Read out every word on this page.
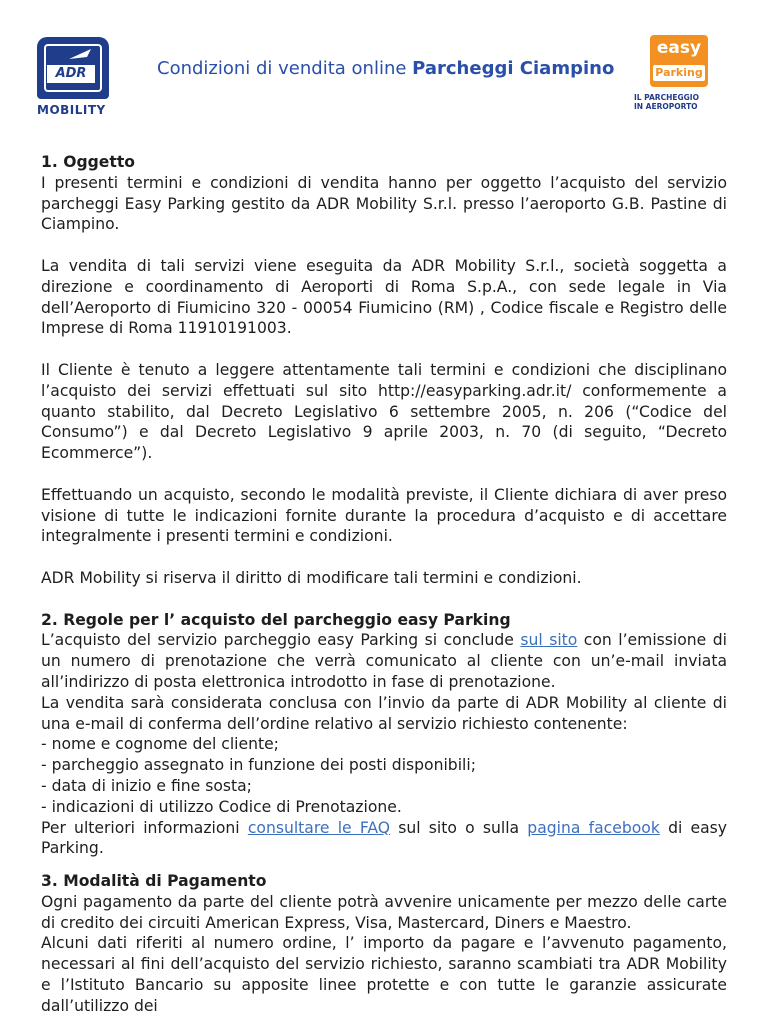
ADR
MOBILITY
Condizioni di vendita online Parcheggi Ciampino
easy
Parking
IL PARCHEGGIO
IN AEROPORTO
1. Oggetto

I presenti termini e condizioni di vendita hanno per oggetto l’acquisto del servizio parcheggi Easy Parking gestito da ADR Mobility S.r.l. presso l’aeroporto G.B. Pastine di Ciampino.

La vendita di tali servizi viene eseguita da ADR Mobility S.r.l., società soggetta a direzione e coordinamento di Aeroporti di Roma S.p.A., con sede legale in Via dell’Aeroporto di Fiumicino 320 - 00054 Fiumicino (RM) , Codice fiscale e Registro delle Imprese di Roma 11910191003.

Il Cliente è tenuto a leggere attentamente tali termini e condizioni che disciplinano l’acquisto dei servizi effettuati sul sito http://easyparking.adr.it/ conformemente a quanto stabilito, dal Decreto Legislativo 6 settembre 2005, n. 206 (“Codice del Consumo”) e dal Decreto Legislativo 9 aprile 2003, n. 70 (di seguito, “Decreto Ecommerce”).

Effettuando un acquisto, secondo le modalità previste, il Cliente dichiara di aver preso visione di tutte le indicazioni fornite durante la procedura d’acquisto e di accettare integralmente i presenti termini e condizioni.

ADR Mobility si riserva il diritto di modificare tali termini e condizioni.

2. Regole per l’ acquisto del parcheggio easy Parking

L’acquisto del servizio parcheggio easy Parking si conclude sul sito con l’emissione di un numero di prenotazione che verrà comunicato al cliente con un’e-mail inviata all’indirizzo di posta elettronica introdotto in fase di prenotazione.

La vendita sarà considerata conclusa con l’invio da parte di ADR Mobility al cliente di una e-mail di conferma dell’ordine relativo al servizio richiesto contenente:

- nome e cognome del cliente;

- parcheggio assegnato in funzione dei posti disponibili;

- data di inizio e fine sosta;

- indicazioni di utilizzo Codice di Prenotazione.

Per ulteriori informazioni consultare le FAQ sul sito o sulla pagina facebook di easy Parking.

3. Modalità di Pagamento

Ogni pagamento da parte del cliente potrà avvenire unicamente per mezzo delle carte di credito dei circuiti American Express, Visa, Mastercard, Diners e Maestro.

Alcuni dati riferiti al numero ordine, l’ importo da pagare e l’avvenuto pagamento, necessari al fini dell’acquisto del servizio richiesto, saranno scambiati tra ADR Mobility e l’Istituto Bancario su apposite linee protette e con tutte le garanzie assicurate dall’utilizzo dei
